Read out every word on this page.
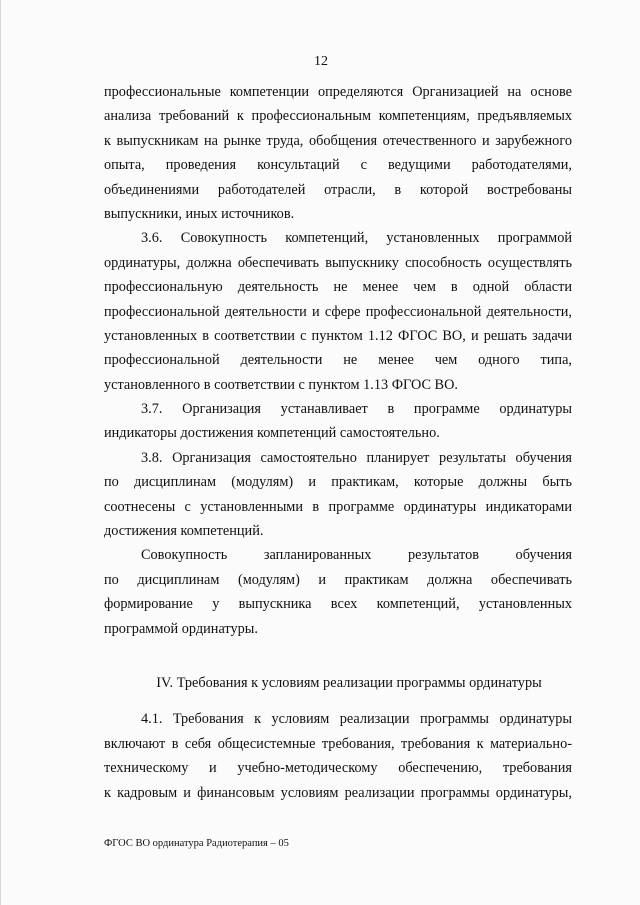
12
профессиональные компетенции определяются Организацией на основе
анализа требований к профессиональным компетенциям, предъявляемых
к выпускникам на рынке труда, обобщения отечественного и зарубежного
опыта, проведения консультаций с ведущими работодателями,
объединениями работодателей отрасли, в которой востребованы
выпускники, иных источников.
3.6. Совокупность компетенций, установленных программой
ординатуры, должна обеспечивать выпускнику способность осуществлять
профессиональную деятельность не менее чем в одной области
профессиональной деятельности и сфере профессиональной деятельности,
установленных в соответствии с пунктом 1.12 ФГОС ВО, и решать задачи
профессиональной деятельности не менее чем одного типа,
установленного в соответствии с пунктом 1.13 ФГОС ВО.
3.7. Организация устанавливает в программе ординатуры
индикаторы достижения компетенций самостоятельно.
3.8. Организация самостоятельно планирует результаты обучения
по дисциплинам (модулям) и практикам, которые должны быть
соотнесены с установленными в программе ординатуры индикаторами
достижения компетенций.
Совокупность запланированных результатов обучения
по дисциплинам (модулям) и практикам должна обеспечивать
формирование у выпускника всех компетенций, установленных
программой ординатуры.
IV. Требования к условиям реализации программы ординатуры
4.1. Требования к условиям реализации программы ординатуры
включают в себя общесистемные требования, требования к материально-
техническому и учебно-методическому обеспечению, требования
к кадровым и финансовым условиям реализации программы ординатуры,
ФГОС ВО ординатура Радиотерапия – 05
